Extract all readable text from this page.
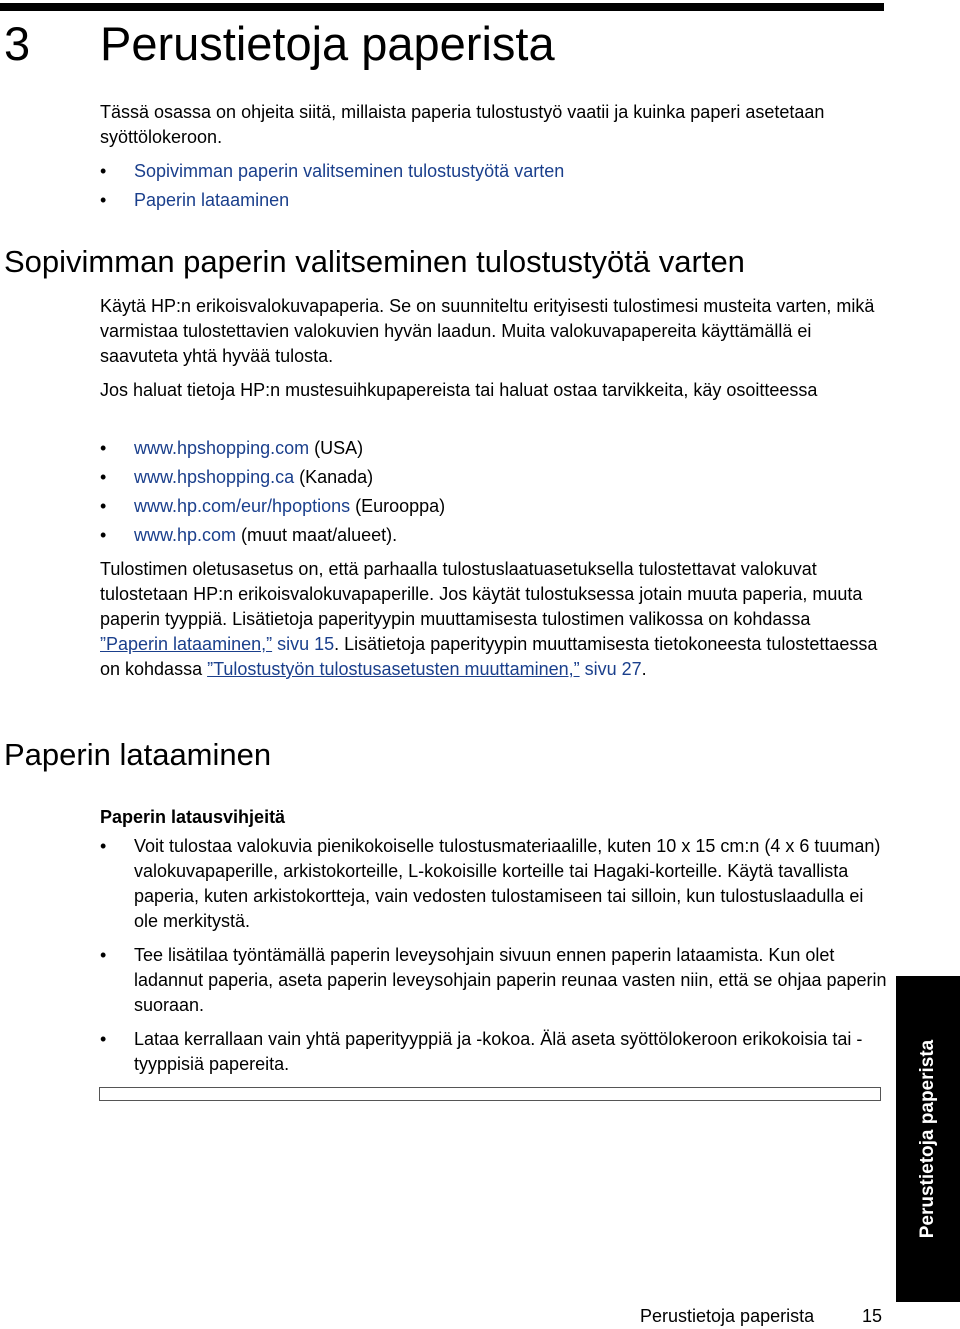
3 Perustietoja paperista

Tässä osassa on ohjeita siitä, millaista paperia tulostustyö vaatii ja kuinka paperi asetetaan syöttölokeroon.

• Sopivimman paperin valitseminen tulostustyötä varten
• Paperin lataaminen
Sopivimman paperin valitseminen tulostustyötä varten

Käytä HP:n erikoisvalokuvapaperia. Se on suunniteltu erityisesti tulostimesi musteita varten, mikä varmistaa tulostettavien valokuvien hyvän laadun. Muita valokuvapapereita käyttämällä ei saavuteta yhtä hyvää tulosta.

Jos haluat tietoja HP:n mustesuihkupapereista tai haluat ostaa tarvikkeita, käy osoitteessa

• www.hpshopping.com (USA)
• www.hpshopping.ca (Kanada)
• www.hp.com/eur/hpoptions (Eurooppa)
• www.hp.com (muut maat/alueet).

Tulostimen oletusasetus on, että parhaalla tulostuslaatuasetuksella tulostettavat valokuvat tulostetaan HP:n erikoisvalokuvapaperille. Jos käytät tulostuksessa jotain muuta paperia, muuta paperin tyyppiä. Lisätietoja paperityypin muuttamisesta tulostimen valikossa on kohdassa ”Paperin lataaminen,” sivu 15. Lisätietoja paperityypin muuttamisesta tietokoneesta tulostettaessa on kohdassa ”Tulostustyön tulostusasetusten muuttaminen,” sivu 27.

Paperin lataaminen
Paperin latausvihjeitä
• Voit tulostaa valokuvia pienikokoiselle tulostusmateriaalille, kuten 10 x 15 cm:n (4 x 6 tuuman) valokuvapaperille, arkistokorteille, L-kokoisille korteille tai Hagaki-korteille. Käytä tavallista paperia, kuten arkistokortteja, vain vedosten tulostamiseen tai silloin, kun tulostuslaadulla ei ole merkitystä.
• Tee lisätilaa työntämällä paperin leveysohjain sivuun ennen paperin lataamista. Kun olet ladannut paperia, aseta paperin leveysohjain paperin reunaa vasten niin, että se ohjaa paperin suoraan.
• Lataa kerrallaan vain yhtä paperityyppiä ja -kokoa. Älä aseta syöttölokeroon erikokoisia tai -tyyppisiä papereita.	Perustietoja paperista
Perustietoja paperista	15
